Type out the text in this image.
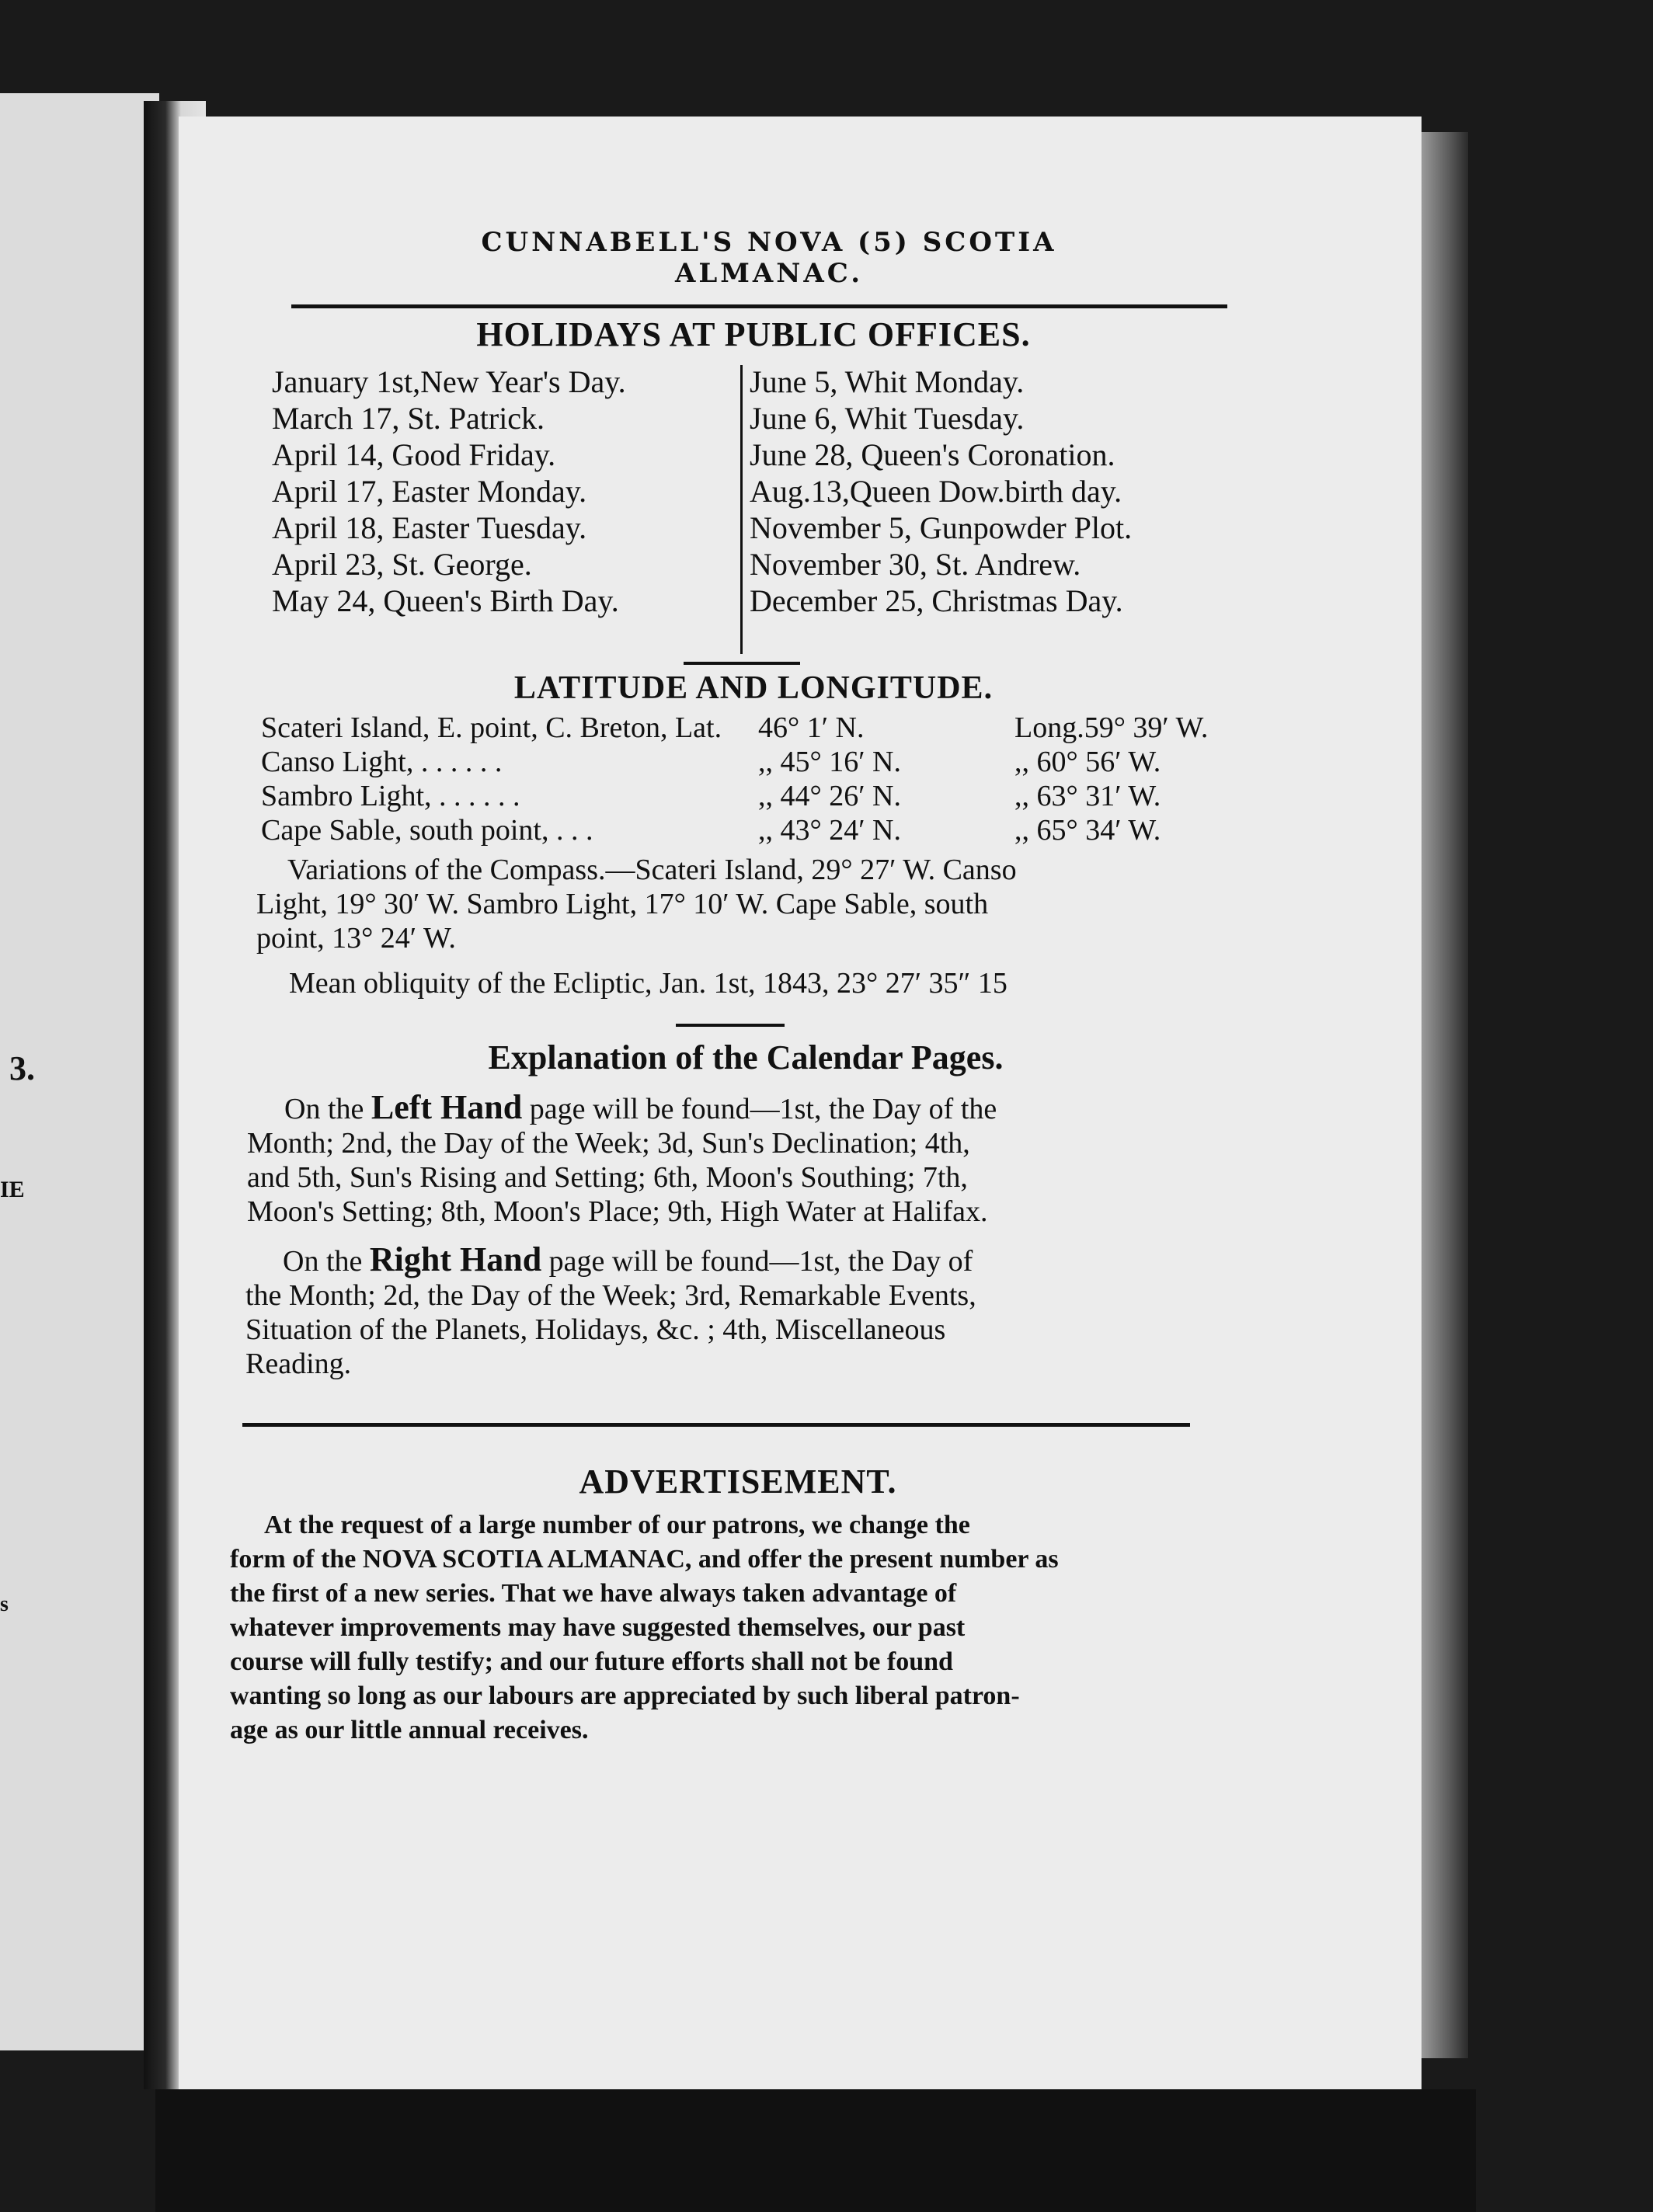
3.
IE
s
CUNNABELL'S NOVA (5) SCOTIA ALMANAC.
HOLIDAYS AT PUBLIC OFFICES.
January 1st,New Year's Day.
March 17, St. Patrick.
April 14, Good Friday.
April 17, Easter Monday.
April 18, Easter Tuesday.
April 23, St. George.
May 24, Queen's Birth Day.
June 5, Whit Monday.
June 6, Whit Tuesday.
June 28, Queen's Coronation.
Aug.13,Queen Dow.birth day.
November 5, Gunpowder Plot.
November 30, St. Andrew.
December 25, Christmas Day.
LATITUDE AND LONGITUDE.
Scateri Island, E. point, C. Breton, Lat. 46° 1′ N.	Long.59° 39′ W.
Canso Light, . . . . . .	,, 45° 16′ N.	,, 60° 56′ W.
Sambro Light, . . . . . .	,, 44° 26′ N.	,, 63° 31′ W.
Cape Sable, south point, . . .	,, 43° 24′ N.	,, 65° 34′ W.
Variations of the Compass.—Scateri Island, 29° 27′ W. Canso
Light, 19° 30′ W. Sambro Light, 17° 10′ W. Cape Sable, south
point, 13° 24′ W.
Mean obliquity of the Ecliptic, Jan. 1st, 1843, 23° 27′ 35″ 15
Explanation of the Calendar Pages.
On the Left Hand page will be found—1st, the Day of the
Month; 2nd, the Day of the Week; 3d, Sun's Declination; 4th,
and 5th, Sun's Rising and Setting; 6th, Moon's Southing; 7th,
Moon's Setting; 8th, Moon's Place; 9th, High Water at Halifax.
On the Right Hand page will be found—1st, the Day of
the Month; 2d, the Day of the Week; 3rd, Remarkable Events,
Situation of the Planets, Holidays, &c. ; 4th, Miscellaneous
Reading.
ADVERTISEMENT.
At the request of a large number of our patrons, we change the
form of the NOVA SCOTIA ALMANAC, and offer the present number as
the first of a new series. That we have always taken advantage of
whatever improvements may have suggested themselves, our past
course will fully testify; and our future efforts shall not be found
wanting so long as our labours are appreciated by such liberal patron-
age as our little annual receives.
